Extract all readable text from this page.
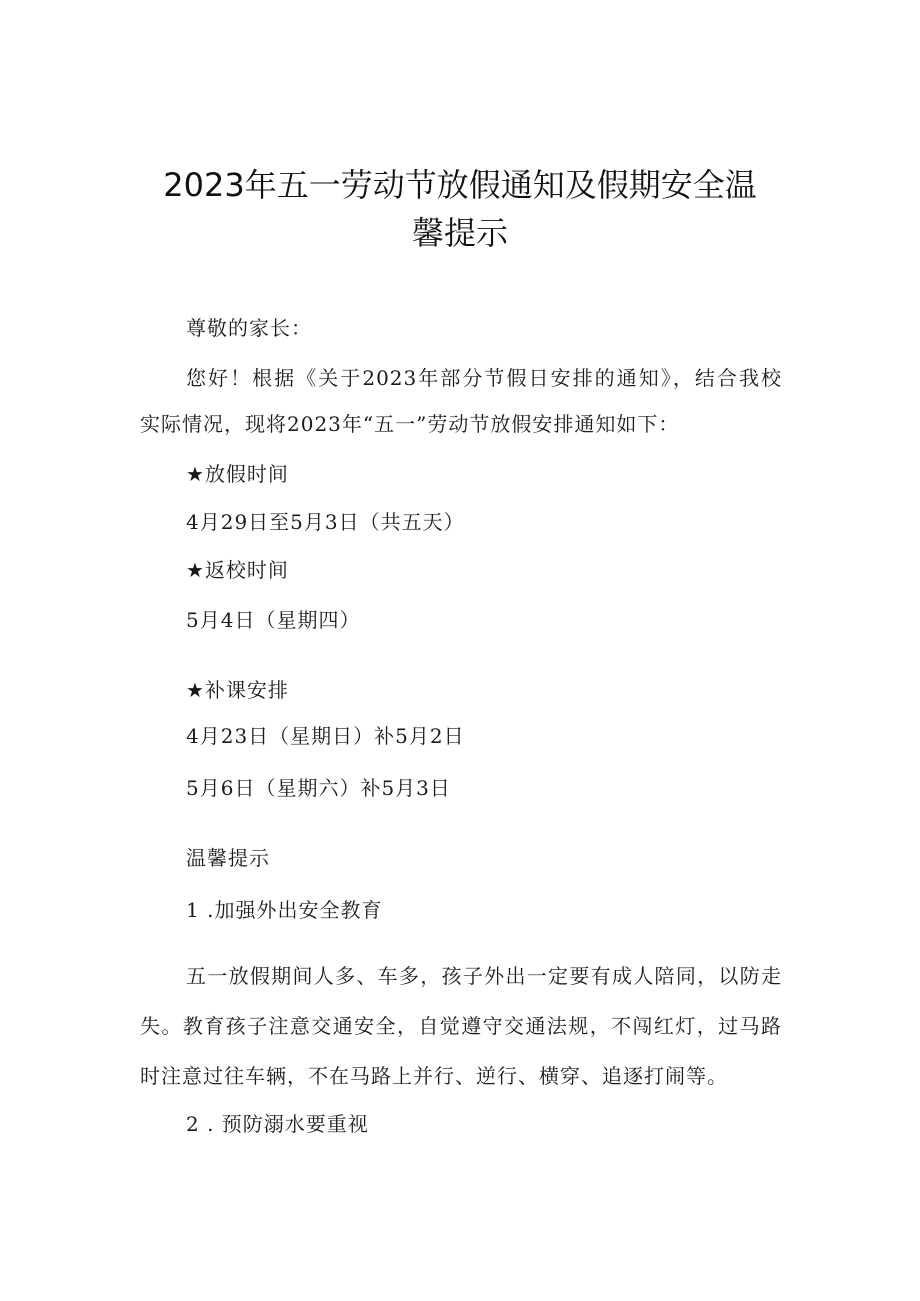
2023年五一劳动节放假通知及假期安全温
馨提示
尊敬的家长：
您好！根据《关于2023年部分节假日安排的通知》，结合我校
实际情况，现将2023年“五一”劳动节放假安排通知如下：
★放假时间
4月29日至5月3日（共五天）
★返校时间
5月4日（星期四）
★补课安排
4月23日（星期日）补5月2日
5月6日（星期六）补5月3日
温馨提示
1 .加强外出安全教育
五一放假期间人多、车多，孩子外出一定要有成人陪同，以防走
失。教育孩子注意交通安全，自觉遵守交通法规，不闯红灯，过马路
时注意过往车辆，不在马路上并行、逆行、横穿、追逐打闹等。
2 . 预防溺水要重视
